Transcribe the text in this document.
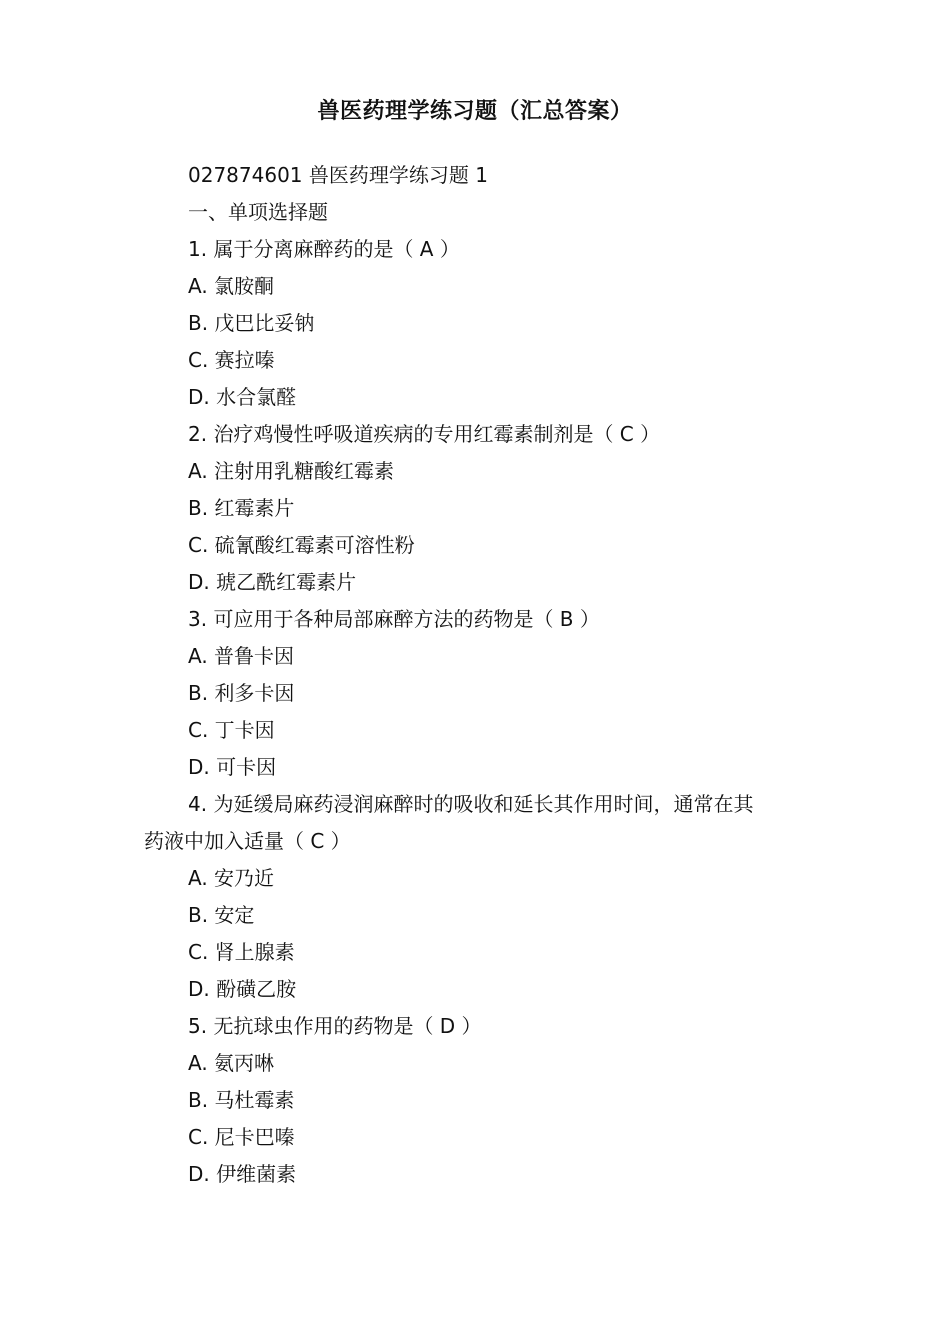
兽医药理学练习题（汇总答案）
027874601 兽医药理学练习题 1
一、单项选择题
1. 属于分离麻醉药的是（ A ）
A. 氯胺酮
B. 戊巴比妥钠
C. 赛拉嗪
D. 水合氯醛
2. 治疗鸡慢性呼吸道疾病的专用红霉素制剂是（ C ）
A. 注射用乳糖酸红霉素
B. 红霉素片
C. 硫氰酸红霉素可溶性粉
D. 琥乙酰红霉素片
3. 可应用于各种局部麻醉方法的药物是（ B ）
A. 普鲁卡因
B. 利多卡因
C. 丁卡因
D. 可卡因
4. 为延缓局麻药浸润麻醉时的吸收和延长其作用时间，通常在其
药液中加入适量（ C ）
A. 安乃近
B. 安定
C. 肾上腺素
D. 酚磺乙胺
5. 无抗球虫作用的药物是（ D ）
A. 氨丙啉
B. 马杜霉素
C. 尼卡巴嗪
D. 伊维菌素
